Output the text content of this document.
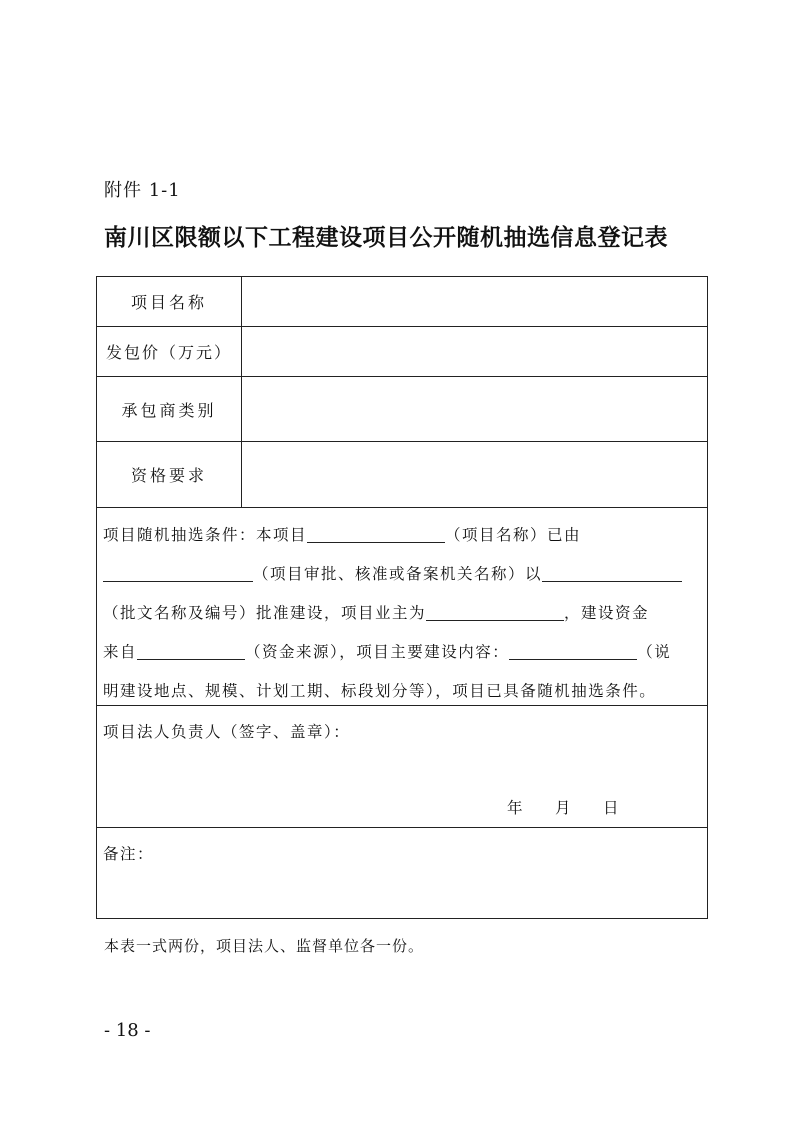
附件 1-1
南川区限额以下工程建设项目公开随机抽选信息登记表
项目名称
发包价（万元）
承包商类别
资格要求
项目随机抽选条件：本项目	（项目名称）已由
（项目审批、核准或备案机关名称）以
（批文名称及编号）批准建设，项目业主为	，建设资金
来自	（资金来源），项目主要建设内容：	（说
明建设地点、规模、计划工期、标段划分等），项目已具备随机抽选条件。
项目法人负责人（签字、盖章）：
年 月 日
备注：
本表一式两份，项目法人、监督单位各一份。
- 18 -
